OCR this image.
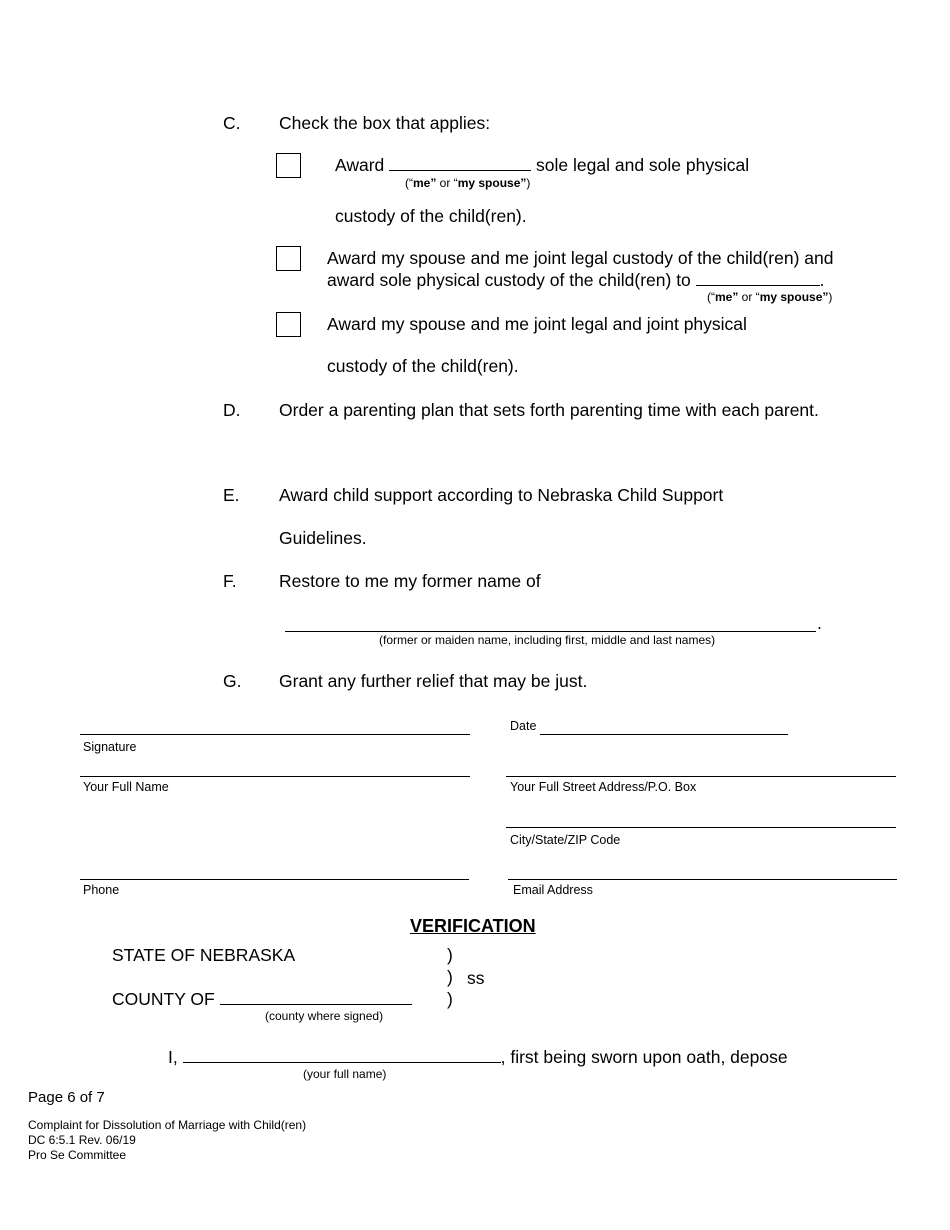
C. Check the box that applies:
Award	sole legal and sole physical
(“me” or “my spouse”)
custody of the child(ren).
Award my spouse and me joint legal custody of the child(ren) and
award sole physical custody of the child(ren) to	.
(“me” or “my spouse”)
Award my spouse and me joint legal and joint physical
custody of the child(ren).
D. Order a parenting plan that sets forth parenting time with each parent.
E. Award child support according to Nebraska Child Support
Guidelines.
F. Restore to me my former name of
.
(former or maiden name, including first, middle and last names)
G. Grant any further relief that may be just.
Signature
Date
Your Full Name	Your Full Street Address/P.O. Box
City/State/ZIP Code
Phone	Email Address
VERIFICATION
STATE OF NEBRASKA	)
) ss
)
COUNTY OF
(county where signed)
I,	, first being sworn upon oath, depose
(your full name)
Page 6 of 7
Complaint for Dissolution of Marriage with Child(ren)
DC 6:5.1 Rev. 06/19
Pro Se Committee
